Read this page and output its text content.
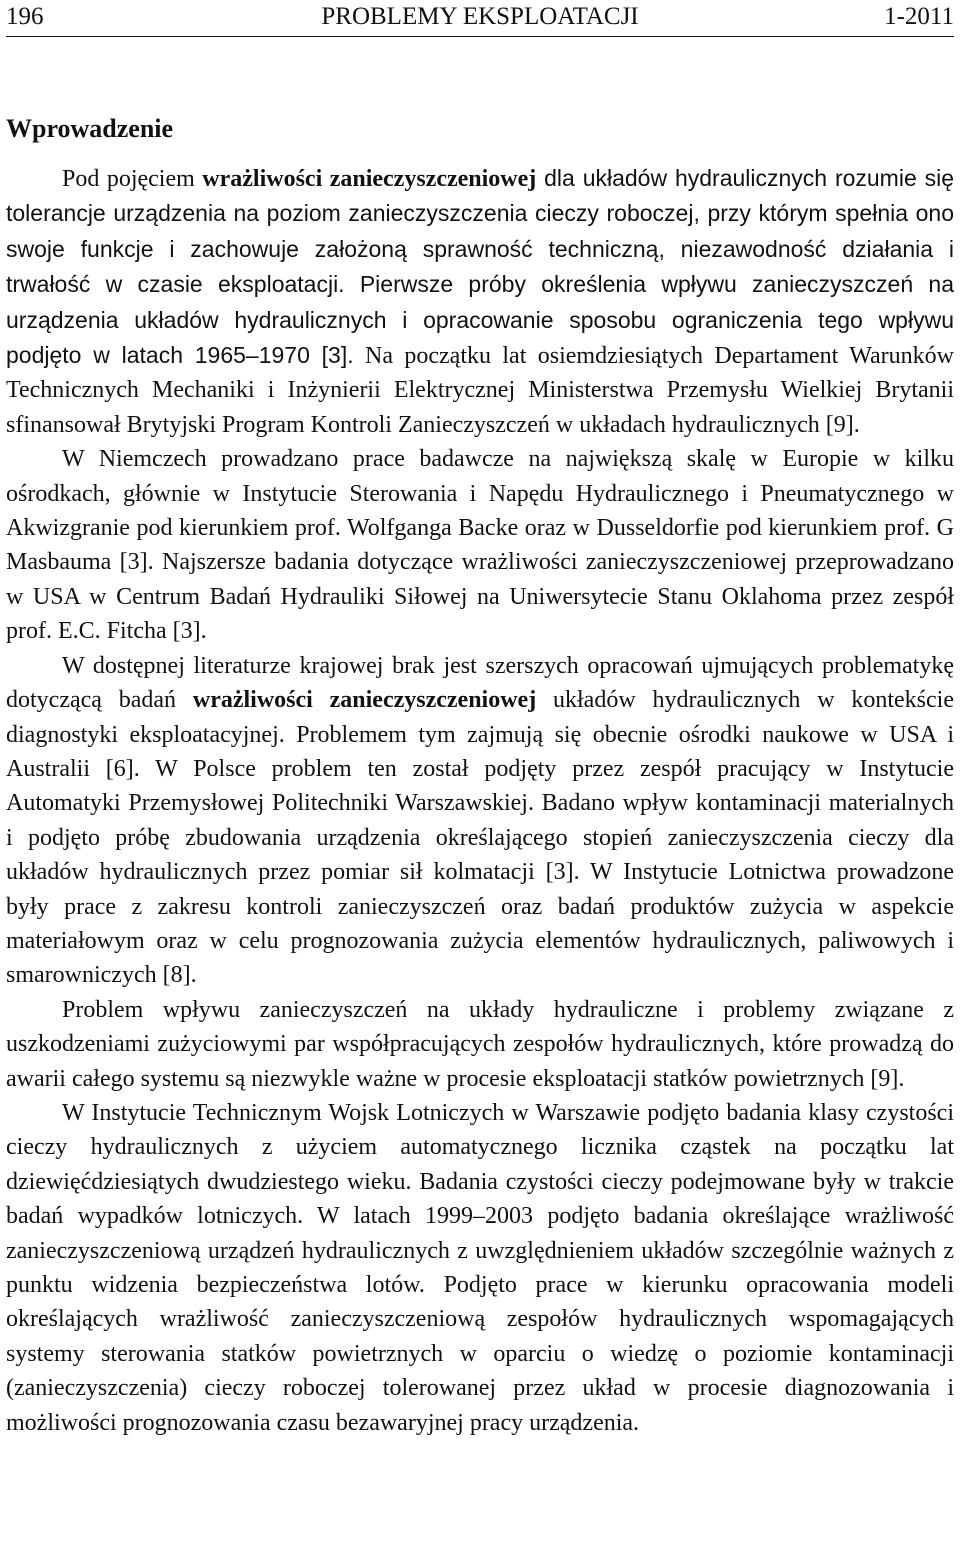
196	PROBLEMY EKSPLOATACJI	1-2011
Wprowadzenie

Pod pojęciem wrażliwości zanieczyszczeniowej dla układów hydraulicznych rozumie się tolerancje urządzenia na poziom zanieczyszczenia cieczy roboczej, przy którym spełnia ono swoje funkcje i zachowuje założoną sprawność techniczną, niezawodność działania i trwałość w czasie eksploatacji. Pierwsze próby określenia wpływu zanieczyszczeń na urządzenia układów hydraulicznych i opracowanie sposobu ograniczenia tego wpływu podjęto w latach 1965–1970 [3]. Na początku lat osiemdziesiątych Departament Warunków Technicznych Mechaniki i Inżynierii Elektrycznej Ministerstwa Przemysłu Wielkiej Brytanii sfinansował Brytyjski Program Kontroli Zanieczyszczeń w układach hydraulicznych [9].

W Niemczech prowadzano prace badawcze na największą skalę w Europie w kilku ośrodkach, głównie w Instytucie Sterowania i Napędu Hydraulicznego i Pneumatycznego w Akwizgranie pod kierunkiem prof. Wolfganga Backe oraz w Dusseldorfie pod kierunkiem prof. G Masbauma [3]. Najszersze badania dotyczące wrażliwości zanieczyszczeniowej przeprowadzano w USA w Centrum Badań Hydrauliki Siłowej na Uniwersytecie Stanu Oklahoma przez zespół prof. E.C. Fitcha [3].

W dostępnej literaturze krajowej brak jest szerszych opracowań ujmujących problematykę dotyczącą badań wrażliwości zanieczyszczeniowej układów hydraulicznych w kontekście diagnostyki eksploatacyjnej. Problemem tym zajmują się obecnie ośrodki naukowe w USA i Australii [6]. W Polsce problem ten został podjęty przez zespół pracujący w Instytucie Automatyki Przemysłowej Politechniki Warszawskiej. Badano wpływ kontaminacji materialnych i podjęto próbę zbudowania urządzenia określającego stopień zanieczyszczenia cieczy dla układów hydraulicznych przez pomiar sił kolmatacji [3]. W Instytucie Lotnictwa prowadzone były prace z zakresu kontroli zanieczyszczeń oraz badań produktów zużycia w aspekcie materiałowym oraz w celu prognozowania zużycia elementów hydraulicznych, paliwowych i smarowniczych [8].

Problem wpływu zanieczyszczeń na układy hydrauliczne i problemy związane z uszkodzeniami zużyciowymi par współpracujących zespołów hydraulicznych, które prowadzą do awarii całego systemu są niezwykle ważne w procesie eksploatacji statków powietrznych [9].

W Instytucie Technicznym Wojsk Lotniczych w Warszawie podjęto badania klasy czystości cieczy hydraulicznych z użyciem automatycznego licznika cząstek na początku lat dziewięćdziesiątych dwudziestego wieku. Badania czystości cieczy podejmowane były w trakcie badań wypadków lotniczych. W latach 1999–2003 podjęto badania określające wrażliwość zanieczyszczeniową urządzeń hydraulicznych z uwzględnieniem układów szczególnie ważnych z punktu widzenia bezpieczeństwa lotów. Podjęto prace w kierunku opracowania modeli określających wrażliwość zanieczyszczeniową zespołów hydraulicznych wspomagających systemy sterowania statków powietrznych w oparciu o wiedzę o poziomie kontaminacji (zanieczyszczenia) cieczy roboczej tolerowanej przez układ w procesie diagnozowania i możliwości prognozowania czasu bezawaryjnej pracy urządzenia.
